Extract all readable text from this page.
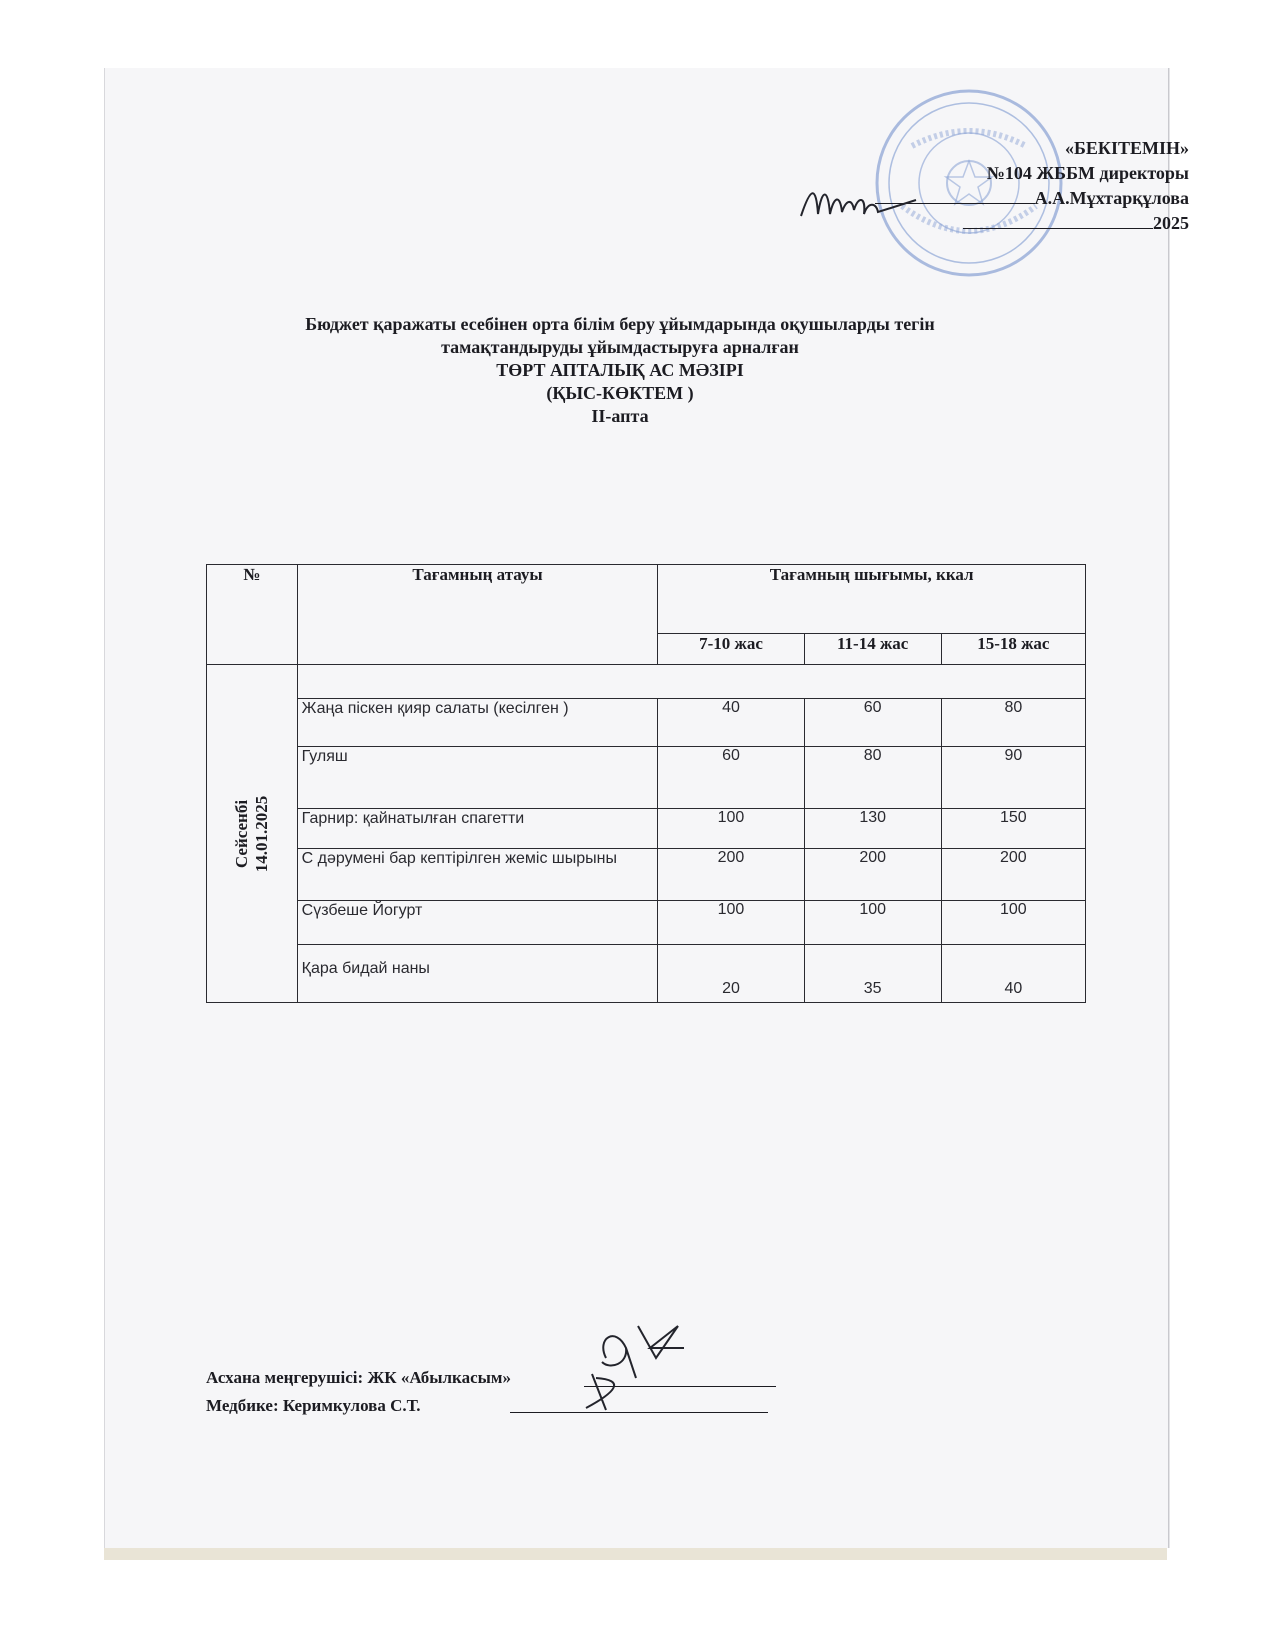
«БЕКІТЕМІН»
№104 ЖББМ директоры
А.А.Мұхтарқұлова
2025
Бюджет қаражаты есебінен орта білім беру ұйымдарында оқушыларды тегін
тамақтандыруды ұйымдастыруға арналған
ТӨРТ АПТАЛЫҚ АС МӘЗІРІ
(ҚЫС-КӨКТЕМ )
ІІ-апта
№	Тағамның атауы	Тағамның шығымы, ккал		
		7-10 жас	11-14 жас	15-18 жас

Сейсенбі 14.01.2025				

	Жаңа піскен қияр салаты (кесілген )	40	60	80
	Гуляш	60	80	90
	Гарнир: қайнатылған спагетти	100	130	150
	С дәрумені бар кептірілген жеміс шырыны	200	200	200
	Сүзбеше Йогурт	100	100	100
	Қара бидай наны	20	35	40
Асхана меңгерушісі: ЖК «Абылкасым»
Медбике: Керимкулова С.Т.
